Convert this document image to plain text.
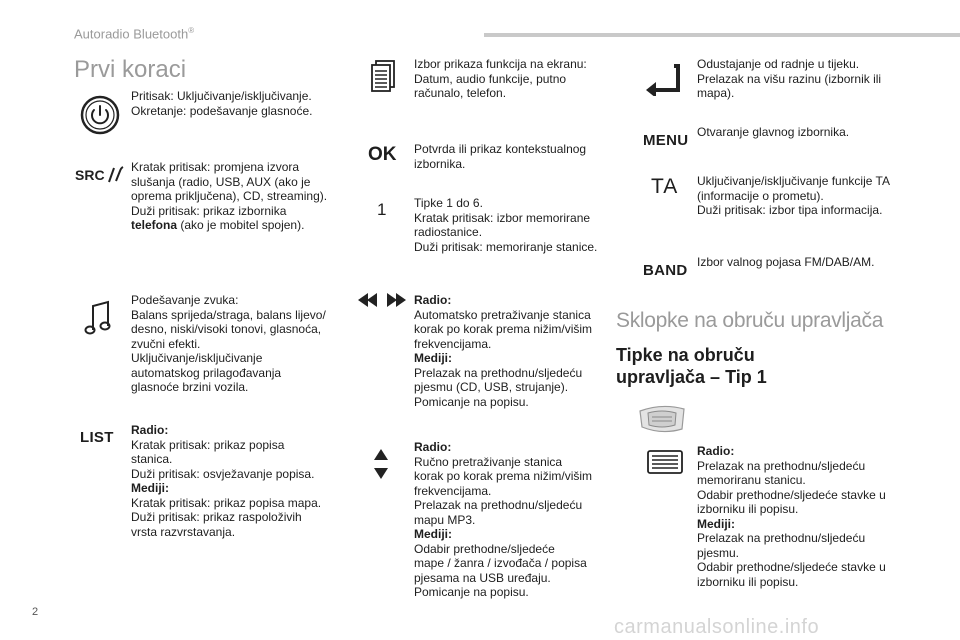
Autoradio Bluetooth®
Prvi koraci
Pritisak: Uključivanje/isključivanje.
Okretanje: podešavanje glasnoće.
SRC Kratak pritisak: promjena izvora
slušanja (radio, USB, AUX (ako je
oprema priključena), CD, streaming).
Duži pritisak: prikaz izbornika
telefona (ako je mobitel spojen).
Podešavanje zvuka:
Balans sprijeda/straga, balans lijevo/
desno, niski/visoki tonovi, glasnoća,
zvučni efekti.
Uključivanje/isključivanje
automatskog prilagođavanja
glasnoće brzini vozila.
LIST Radio:
Kratak pritisak: prikaz popisa
stanica.
Duži pritisak: osvježavanje popisa.
Mediji:
Kratak pritisak: prikaz popisa mapa.
Duži pritisak: prikaz raspoloživih
vrsta razvrstavanja.
Izbor prikaza funkcija na ekranu:
Datum, audio funkcije, putno
računalo, telefon.
OK Potvrda ili prikaz kontekstualnog
izbornika.
1 Tipke 1 do 6.
Kratak pritisak: izbor memorirane
radiostanice.
Duži pritisak: memoriranje stanice.
Radio:
Automatsko pretraživanje stanica
korak po korak prema nižim/višim
frekvencijama.
Mediji:
Prelazak na prethodnu/sljedeću
pjesmu (CD, USB, strujanje).
Pomicanje na popisu.
Radio:
Ručno pretraživanje stanica
korak po korak prema nižim/višim
frekvencijama.
Prelazak na prethodnu/sljedeću
mapu MP3.
Mediji:
Odabir prethodne/sljedeće
mape / žanra / izvođača / popisa
pjesama na USB uređaju.
Pomicanje na popisu.
Odustajanje od radnje u tijeku.
Prelazak na višu razinu (izbornik ili
mapa).
MENU Otvaranje glavnog izbornika.
TA Uključivanje/isključivanje funkcije TA
(informacije o prometu).
Duži pritisak: izbor tipa informacija.
BAND Izbor valnog pojasa FM/DAB/AM.
Sklopke na obruču upravljača
Tipke na obruču
upravljača – Tip 1
Radio:
Prelazak na prethodnu/sljedeću
memoriranu stanicu.
Odabir prethodne/sljedeće stavke u
izborniku ili popisu.
Mediji:
Prelazak na prethodnu/sljedeću
pjesmu.
Odabir prethodne/sljedeće stavke u
izborniku ili popisu.
2
carmanualsonline.info
